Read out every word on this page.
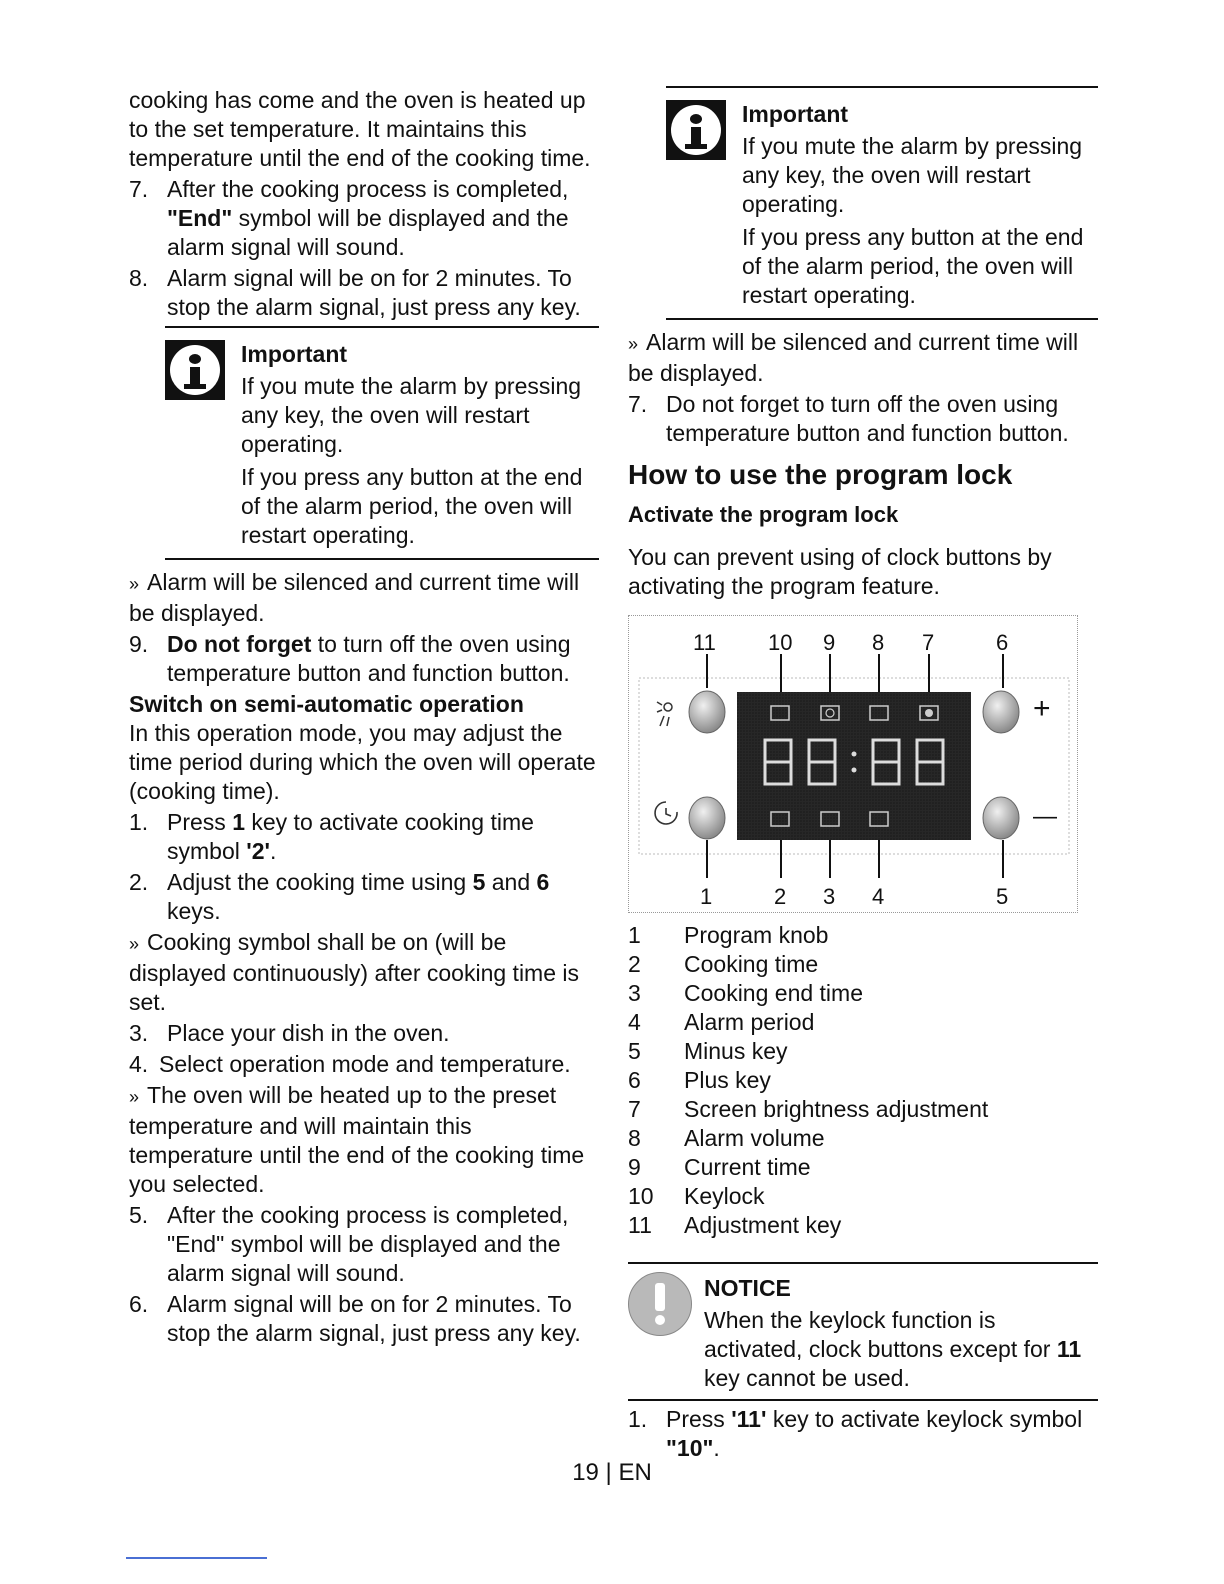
cooking has come and the oven is heated up to the set temperature. It maintains this temperature until the end of the cooking time.

7. After the cooking process is completed, "End" symbol will be displayed and the alarm signal will sound.
8. Alarm signal will be on for 2 minutes. To stop the alarm signal, just press any key.

Important

If you mute the alarm by pressing any key, the oven will restart operating.

If you press any button at the end of the alarm period, the oven will restart operating.

» Alarm will be silenced and current time will be displayed.
9. Do not forget to turn off the oven using temperature button and function button.

Switch on semi-automatic operation

In this operation mode, you may adjust the time period during which the oven will operate (cooking time).

1. Press 1 key to activate cooking time symbol '2'.
2. Adjust the cooking time using 5 and 6 keys.
» Cooking symbol shall be on (will be displayed continuously) after cooking time is set.
3. Place your dish in the oven.
4. Select operation mode and temperature.
» The oven will be heated up to the preset temperature and will maintain this temperature until the end of the cooking time you selected.
5. After the cooking process is completed, "End" symbol will be displayed and the alarm signal will sound.
6. Alarm signal will be on for 2 minutes. To stop the alarm signal, just press any key.

Important

If you mute the alarm by pressing any key, the oven will restart operating.

If you press any button at the end of the alarm period, the oven will restart operating.

» Alarm will be silenced and current time will be displayed.
7. Do not forget to turn off the oven using temperature button and function button.

How to use the program lock

Activate the program lock

You can prevent using of clock buttons by activating the program feature.

11 10 9 8 7	6
1	2 3 4	5
+
—
1	Program knob
2	Cooking time
3	Cooking end time
4	Alarm period
5	Minus key
6	Plus key
7	Screen brightness adjustment
8	Alarm volume
9	Current time
10	Keylock
11	Adjustment key

NOTICE

When the keylock function is activated, clock buttons except for 11 key cannot be used.

1. Press '11' key to activate keylock symbol "10".
19 | EN
